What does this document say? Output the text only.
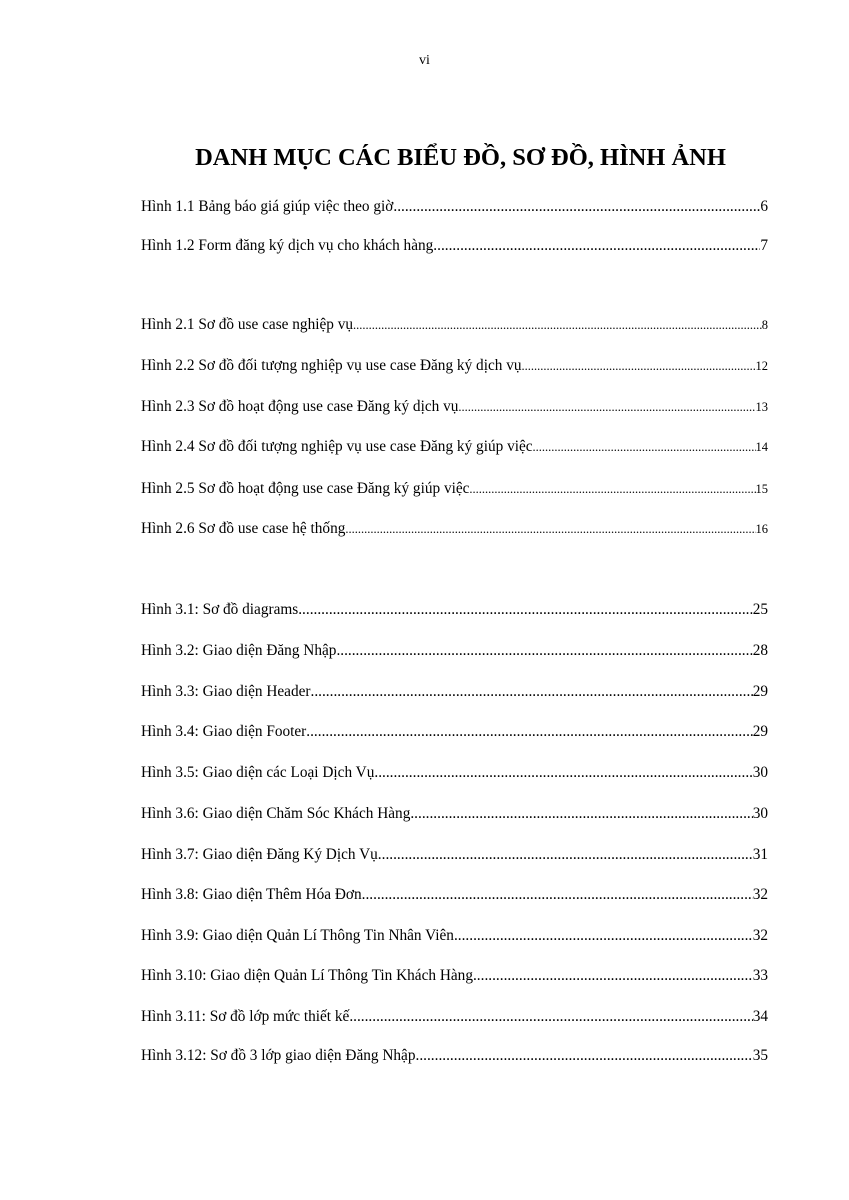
vi
DANH MỤC CÁC BIỂU ĐỒ, SƠ ĐỒ, HÌNH ẢNH
Hình 1.1 Bảng báo giá giúp việc theo giờ .....	6
Hình 1.2 Form đăng ký dịch vụ cho khách hàng .....	7
Hình 2.1 Sơ đồ use case nghiệp vụ .....	8
Hình 2.2 Sơ đồ đối tượng nghiệp vụ use case Đăng ký dịch vụ .....	12
Hình 2.3 Sơ đồ hoạt động use case Đăng ký dịch vụ .....	13
Hình 2.4 Sơ đồ đối tượng nghiệp vụ use case Đăng ký giúp việc .....	14
Hình 2.5 Sơ đồ hoạt động use case Đăng ký giúp việc .....	15
Hình 2.6 Sơ đồ use case hệ thống .....	16
Hình 3.1: Sơ đồ diagrams .....	25
Hình 3.2: Giao diện Đăng Nhập .....	28
Hình 3.3: Giao diện Header .....	29
Hình 3.4: Giao diện Footer .....	29
Hình 3.5: Giao diện các Loại Dịch Vụ .....	30
Hình 3.6: Giao diện Chăm Sóc Khách Hàng .....	30
Hình 3.7: Giao diện Đăng Ký Dịch Vụ .....	31
Hình 3.8: Giao diện Thêm Hóa Đơn .....	32
Hình 3.9: Giao diện Quản Lí Thông Tin Nhân Viên .....	32
Hình 3.10: Giao diện Quản Lí Thông Tin Khách Hàng .....	33
Hình 3.11: Sơ đồ lớp mức thiết kế .....	34
Hình 3.12: Sơ đồ 3 lớp giao diện Đăng Nhập .....	35
